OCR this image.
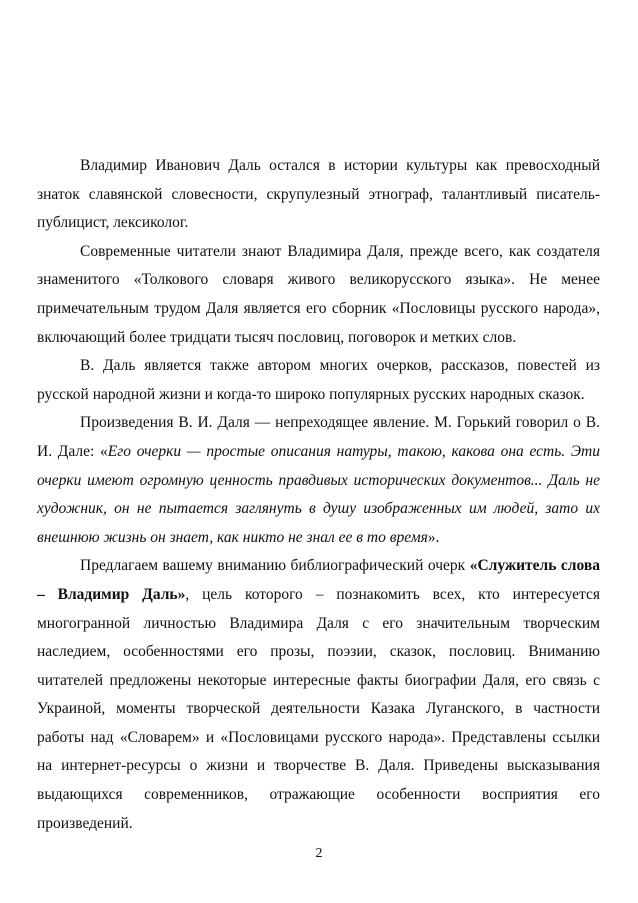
Владимир Иванович Даль остался в истории культуры как превосходный знаток славянской словесности, скрупулезный этнограф, талантливый писатель-публицист, лексиколог.

Современные читатели знают Владимира Даля, прежде всего, как создателя знаменитого «Толкового словаря живого великорусского языка». Не менее примечательным трудом Даля является его сборник «Пословицы русского народа», включающий более тридцати тысяч пословиц, поговорок и метких слов.

В. Даль является также автором многих очерков, рассказов, повестей из русской народной жизни и когда-то широко популярных русских народных сказок.

Произведения В. И. Даля — непреходящее явление. М. Горький говорил о В. И. Дале: «Его очерки — простые описания натуры, такою, какова она есть. Эти очерки имеют огромную ценность правдивых исторических документов... Даль не художник, он не пытается заглянуть в душу изображенных им людей, зато их внешнюю жизнь он знает, как никто не знал ее в то время».

Предлагаем вашему вниманию библиографический очерк «Служитель слова – Владимир Даль», цель которого – познакомить всех, кто интересуется многогранной личностью Владимира Даля с его значительным творческим наследием, особенностями его прозы, поэзии, сказок, пословиц. Вниманию читателей предложены некоторые интересные факты биографии Даля, его связь с Украиной, моменты творческой деятельности Казака Луганского, в частности работы над «Словарем» и «Пословицами русского народа». Представлены ссылки на интернет-ресурсы о жизни и творчестве В. Даля. Приведены высказывания выдающихся современников, отражающие особенности восприятия его произведений.

2
